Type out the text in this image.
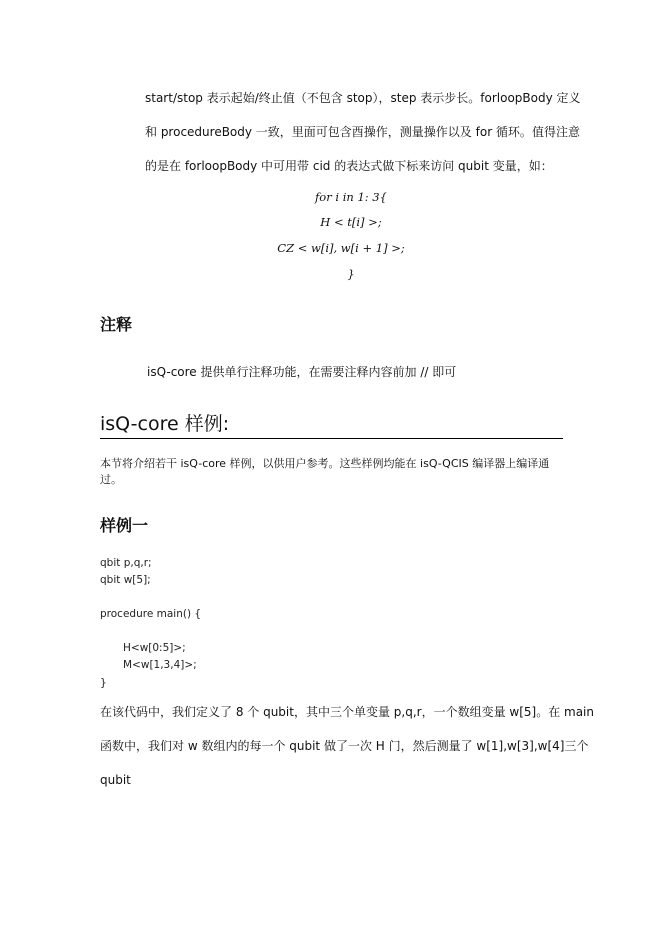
start/stop 表示起始/终止值（不包含 stop），step 表示步长。forloopBody 定义
和 procedureBody 一致，里面可包含酉操作，测量操作以及 for 循环。值得注意
的是在 forloopBody 中可用带 cid 的表达式做下标来访问 qubit 变量，如：
for i in 1: 3{
H < t[i] >;
CZ < w[i], w[i + 1] >;
}
注释
isQ-core 提供单行注释功能，在需要注释内容前加 // 即可
isQ-core 样例:
本节将介绍若干 isQ-core 样例，以供用户参考。这些样例均能在 isQ-QCIS 编译器上编译通
过。
样例一
qbit p,q,r;
qbit w[5];
procedure main() {
H<w[0:5]>;
M<w[1,3,4]>;
}
在该代码中，我们定义了 8 个 qubit，其中三个单变量 p,q,r，一个数组变量 w[5]。在 main
函数中，我们对 w 数组内的每一个 qubit 做了一次 H 门，然后测量了 w[1],w[3],w[4]三个
qubit
